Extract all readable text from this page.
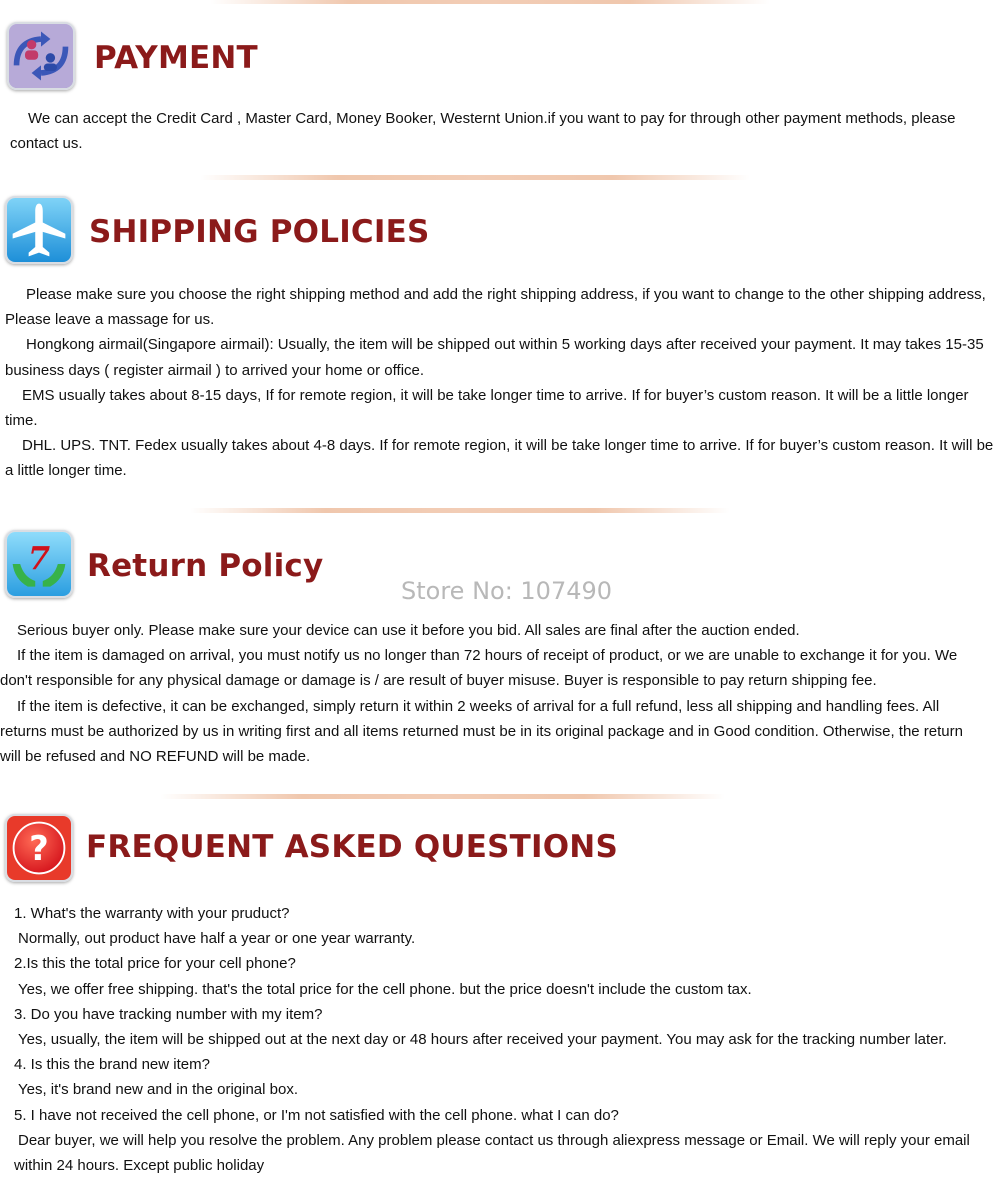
PAYMENT

We can accept the Credit Card , Master Card, Money Booker, Westernt Union.if you want to pay for through other payment methods, please contact us.

SHIPPING POLICIES

Please make sure you choose the right shipping method and add the right shipping address, if you want to change to the other shipping address, Please leave a massage for us.

Hongkong airmail(Singapore airmail): Usually, the item will be shipped out within 5 working days after received your payment. It may takes 15-35 business days ( register airmail ) to arrived your home or office.

EMS usually takes about 8-15 days, If for remote region, it will be take longer time to arrive. If for buyer’s custom reason. It will be a little longer time.

DHL. UPS. TNT. Fedex usually takes about 4-8 days. If for remote region, it will be take longer time to arrive. If for buyer’s custom reason. It will be a little longer time.

7 Return Policy
Store No: 107490

Serious buyer only. Please make sure your device can use it before you bid. All sales are final after the auction ended.

If the item is damaged on arrival, you must notify us no longer than 72 hours of receipt of product, or we are unable to exchange it for you. We don't responsible for any physical damage or damage is / are result of buyer misuse. Buyer is responsible to pay return shipping fee.

If the item is defective, it can be exchanged, simply return it within 2 weeks of arrival for a full refund, less all shipping and handling fees. All returns must be authorized by us in writing first and all items returned must be in its original package and in Good condition. Otherwise, the return will be refused and NO REFUND will be made.

? FREQUENT ASKED QUESTIONS

1. What's the warranty with your pruduct?

Normally, out product have half a year or one year warranty.

2.Is this the total price for your cell phone?

Yes, we offer free shipping. that's the total price for the cell phone. but the price doesn't include the custom tax.

3. Do you have tracking number with my item?

Yes, usually, the item will be shipped out at the next day or 48 hours after received your payment. You may ask for the tracking number later.

4. Is this the brand new item?

Yes, it's brand new and in the original box.

5. I have not received the cell phone, or I'm not satisfied with the cell phone. what I can do?

Dear buyer, we will help you resolve the problem. Any problem please contact us through aliexpress message or Email. We will reply your email within 24 hours. Except public holiday
